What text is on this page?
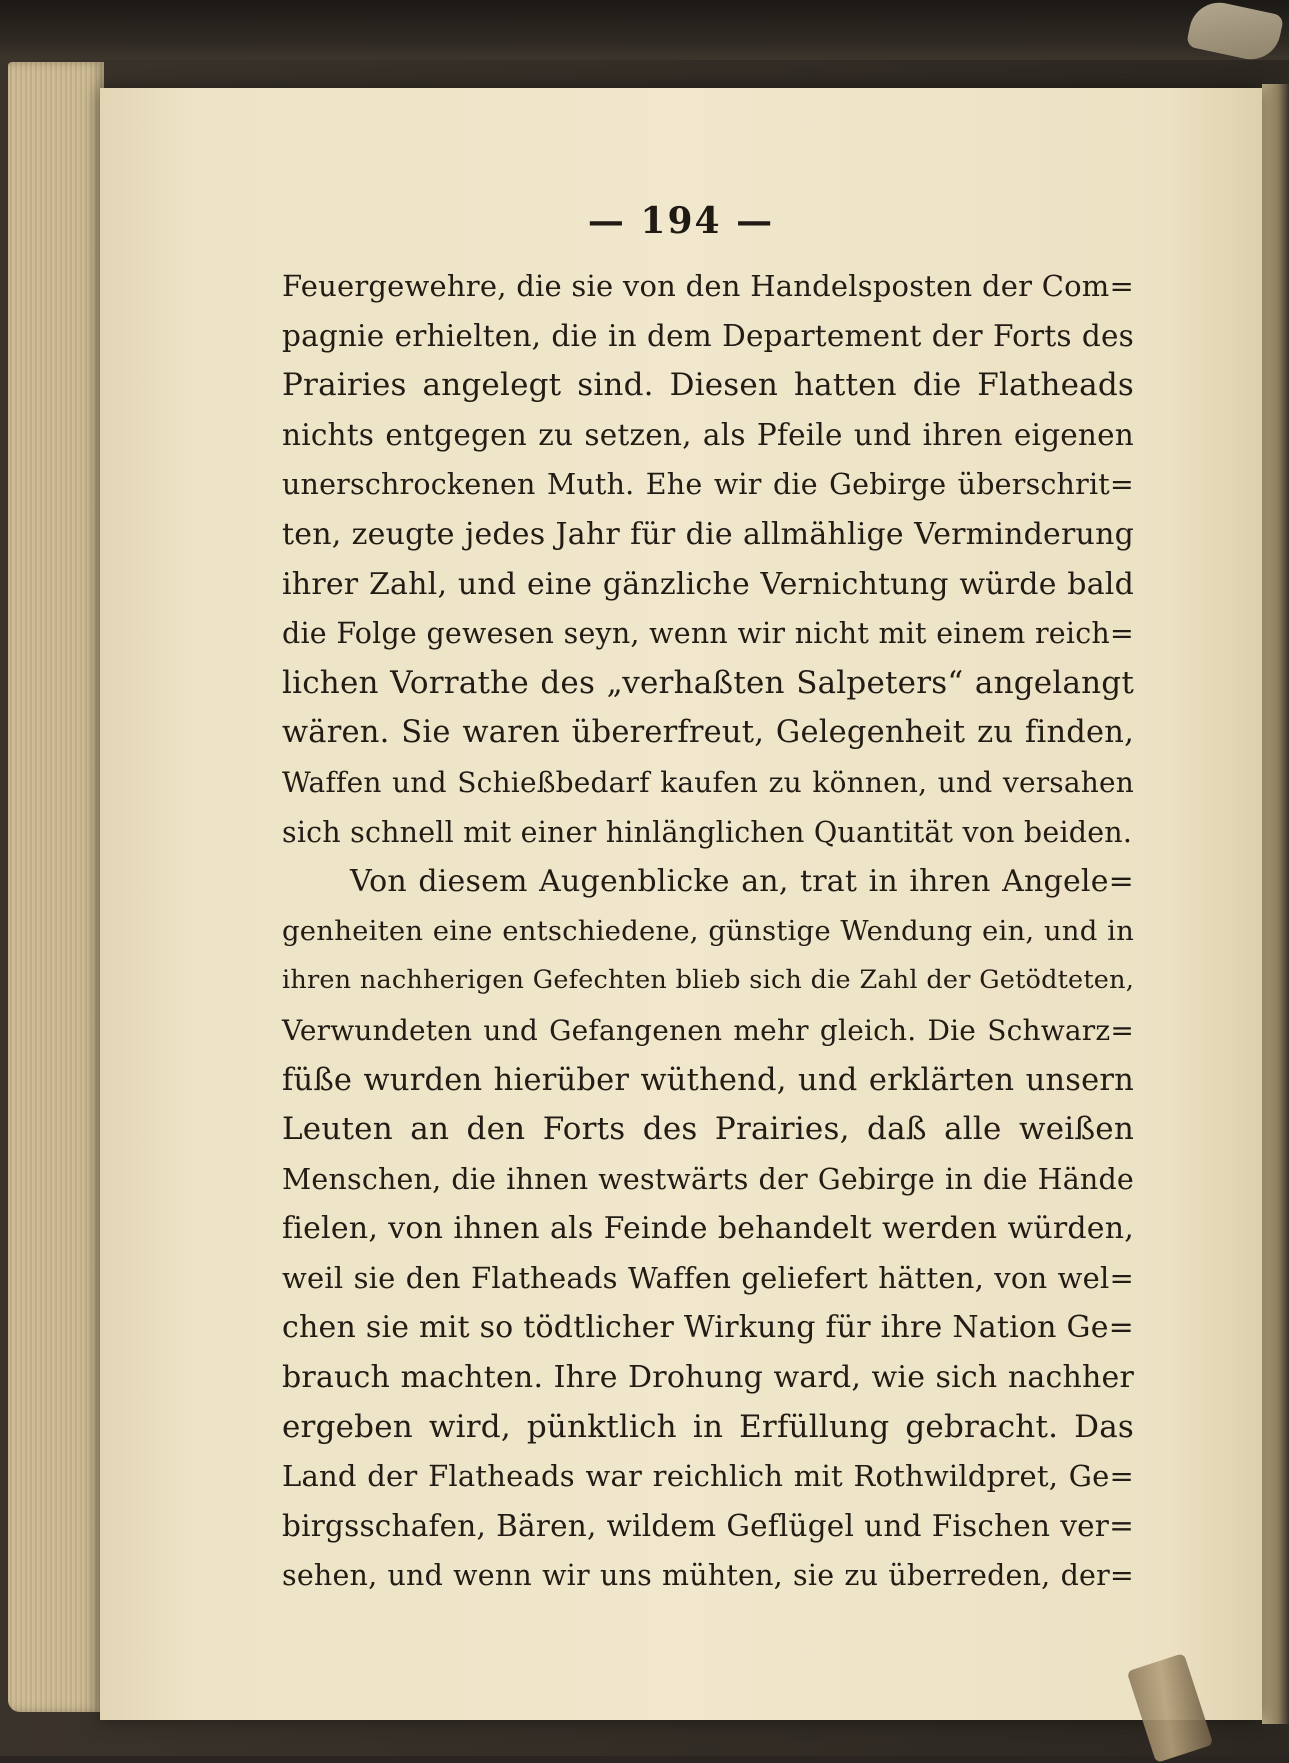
— 194 —
Feuergewehre, die sie von den Handelsposten der Com=
pagnie erhielten, die in dem Departement der Forts des
Prairies angelegt sind. Diesen hatten die Flatheads
nichts entgegen zu setzen, als Pfeile und ihren eigenen
unerschrockenen Muth. Ehe wir die Gebirge überschrit=
ten, zeugte jedes Jahr für die allmählige Verminderung
ihrer Zahl, und eine gänzliche Vernichtung würde bald
die Folge gewesen seyn, wenn wir nicht mit einem reich=
lichen Vorrathe des „verhaßten Salpeters“ angelangt
wären. Sie waren übererfreut, Gelegenheit zu finden,
Waffen und Schießbedarf kaufen zu können, und versahen
sich schnell mit einer hinlänglichen Quantität von beiden.
Von diesem Augenblicke an, trat in ihren Angele=
genheiten eine entschiedene, günstige Wendung ein, und in
ihren nachherigen Gefechten blieb sich die Zahl der Getödteten,
Verwundeten und Gefangenen mehr gleich. Die Schwarz=
füße wurden hierüber wüthend, und erklärten unsern
Leuten an den Forts des Prairies, daß alle weißen
Menschen, die ihnen westwärts der Gebirge in die Hände
fielen, von ihnen als Feinde behandelt werden würden,
weil sie den Flatheads Waffen geliefert hätten, von wel=
chen sie mit so tödtlicher Wirkung für ihre Nation Ge=
brauch machten. Ihre Drohung ward, wie sich nachher
ergeben wird, pünktlich in Erfüllung gebracht. Das
Land der Flatheads war reichlich mit Rothwildpret, Ge=
birgsschafen, Bären, wildem Geflügel und Fischen ver=
sehen, und wenn wir uns mühten, sie zu überreden, der=
